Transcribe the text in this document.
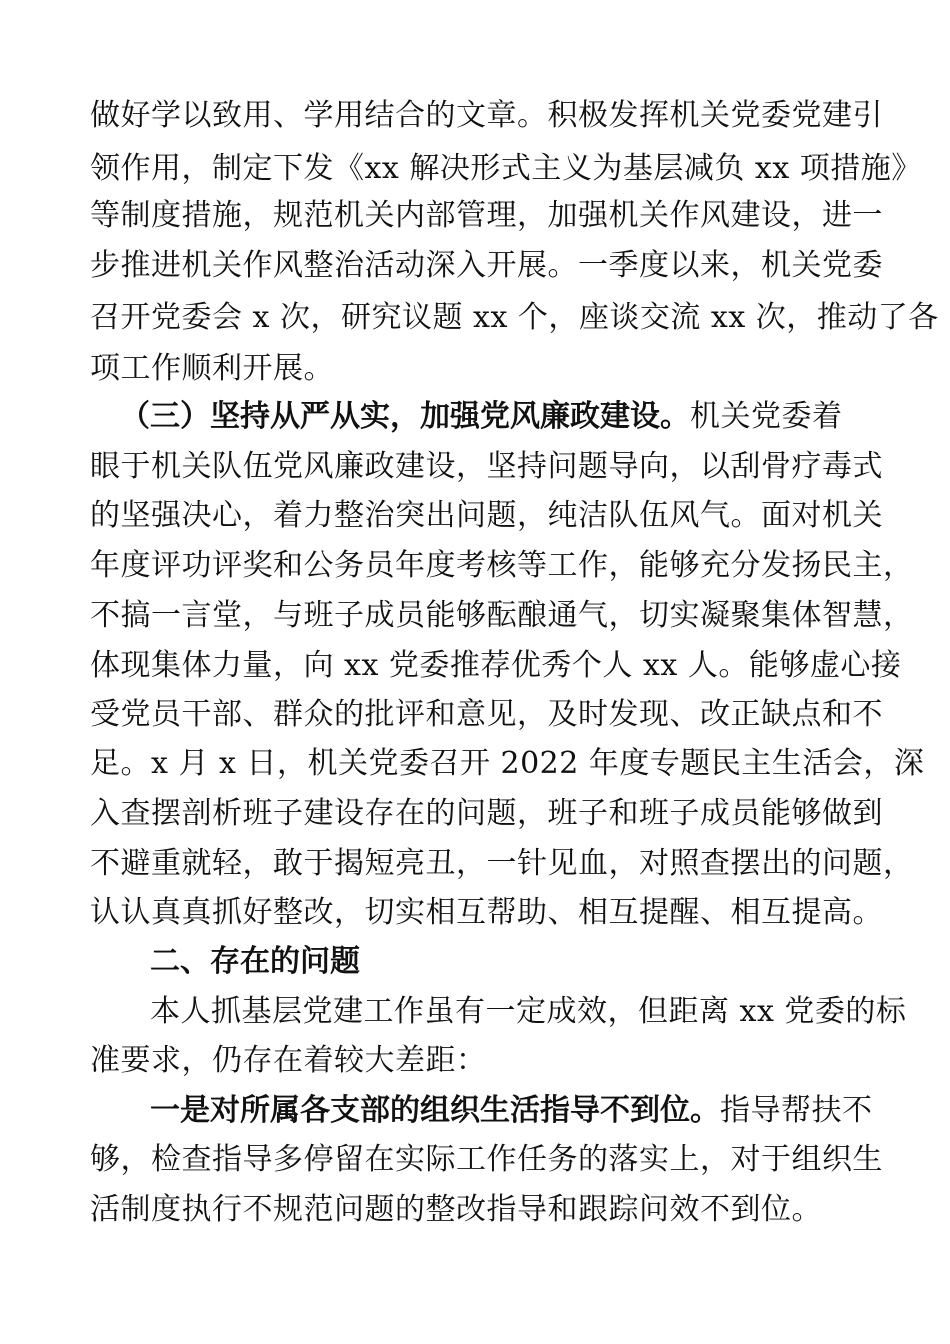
做好学以致用、学用结合的文章。积极发挥机关党委党建引
领作用，制定下发《xx 解决形式主义为基层减负 xx 项措施》
等制度措施，规范机关内部管理，加强机关作风建设，进一
步推进机关作风整治活动深入开展。一季度以来，机关党委
召开党委会 x 次，研究议题 xx 个，座谈交流 xx 次，推动了各
项工作顺利开展。
（三）坚持从严从实，加强党风廉政建设。机关党委着
眼于机关队伍党风廉政建设，坚持问题导向，以刮骨疗毒式
的坚强决心，着力整治突出问题，纯洁队伍风气。面对机关
年度评功评奖和公务员年度考核等工作，能够充分发扬民主，
不搞一言堂，与班子成员能够酝酿通气，切实凝聚集体智慧，
体现集体力量，向 xx 党委推荐优秀个人 xx 人。能够虚心接
受党员干部、群众的批评和意见，及时发现、改正缺点和不
足。x 月 x 日，机关党委召开 2022 年度专题民主生活会，深
入查摆剖析班子建设存在的问题，班子和班子成员能够做到
不避重就轻，敢于揭短亮丑，一针见血，对照查摆出的问题，
认认真真抓好整改，切实相互帮助、相互提醒、相互提高。
二、存在的问题
本人抓基层党建工作虽有一定成效，但距离 xx 党委的标
准要求，仍存在着较大差距：
一是对所属各支部的组织生活指导不到位。指导帮扶不
够，检查指导多停留在实际工作任务的落实上，对于组织生
活制度执行不规范问题的整改指导和跟踪问效不到位。
